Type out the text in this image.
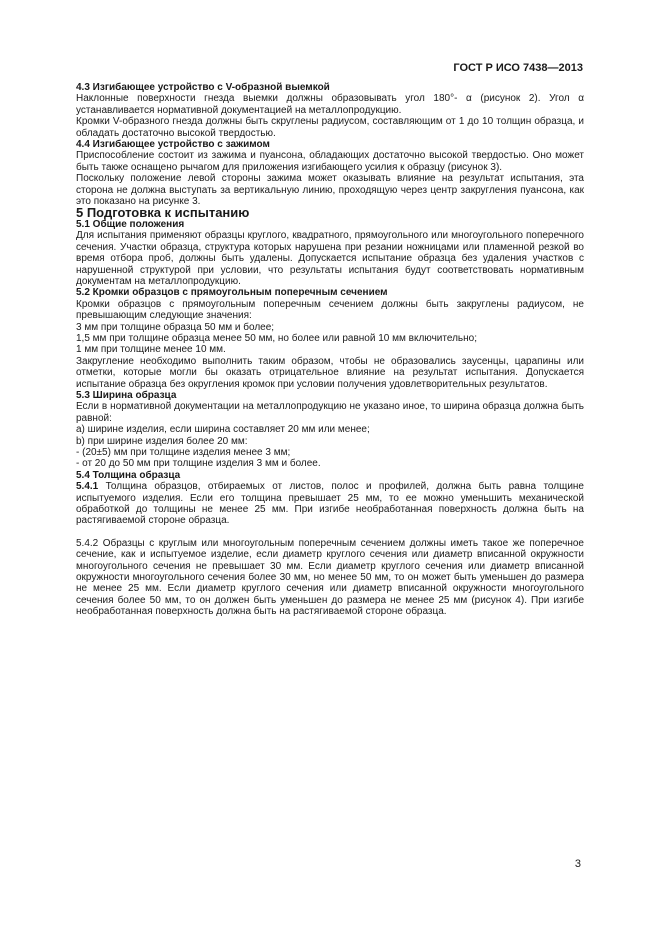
ГОСТ Р ИСО 7438—2013

4.3 Изгибающее устройство с V-образной выемкой

Наклонные поверхности гнезда выемки должны образовывать угол 180°- α (рисунок 2). Угол α устанавливается нормативной документацией на металлопродукцию.

Кромки V-образного гнезда должны быть скруглены радиусом, составляющим от 1 до 10 толщин образца, и обладать достаточно высокой твердостью.

4.4 Изгибающее устройство с зажимом

Приспособление состоит из зажима и пуансона, обладающих достаточно высокой твердостью. Оно может быть также оснащено рычагом для приложения изгибающего усилия к образцу (рисунок 3).

Поскольку положение левой стороны зажима может оказывать влияние на результат испытания, эта сторона не должна выступать за вертикальную линию, проходящую через центр закругления пуансона, как это показано на рисунке 3.

5 Подготовка к испытанию

5.1 Общие положения

Для испытания применяют образцы круглого, квадратного, прямоугольного или многоугольного поперечного сечения. Участки образца, структура которых нарушена при резании ножницами или пламенной резкой во время отбора проб, должны быть удалены. Допускается испытание образца без удаления участков с нарушенной структурой при условии, что результаты испытания будут соответствовать нормативным документам на металлопродукцию.

5.2 Кромки образцов с прямоугольным поперечным сечением

Кромки образцов с прямоугольным поперечным сечением должны быть закруглены радиусом, не превышающим следующие значения:

3 мм при толщине образца 50 мм и более;

1,5 мм при толщине образца менее 50 мм, но более или равной 10 мм включительно;

1 мм при толщине менее 10 мм.

Закругление необходимо выполнить таким образом, чтобы не образовались заусенцы, царапины или отметки, которые могли бы оказать отрицательное влияние на результат испытания. Допускается испытание образца без округления кромок при условии получения удовлетворительных результатов.

5.3 Ширина образца

Если в нормативной документации на металлопродукцию не указано иное, то ширина образца должна быть равной:

а) ширине изделия, если ширина составляет 20 мм или менее;

b) при ширине изделия более 20 мм:

- (20±5) мм при толщине изделия менее 3 мм;

- от 20 до 50 мм при толщине изделия 3 мм и более.

5.4 Толщина образца

5.4.1 Толщина образцов, отбираемых от листов, полос и профилей, должна быть равна толщине испытуемого изделия. Если его толщина превышает 25 мм, то ее можно уменьшить механической обработкой до толщины не менее 25 мм. При изгибе необработанная поверхность должна быть на растягиваемой стороне образца.

5.4.2 Образцы с круглым или многоугольным поперечным сечением должны иметь такое же поперечное сечение, как и испытуемое изделие, если диаметр круглого сечения или диаметр вписанной окружности многоугольного сечения не превышает 30 мм. Если диаметр круглого сечения или диаметр вписанной окружности многоугольного сечения более 30 мм, но менее 50 мм, то он может быть уменьшен до размера не менее 25 мм. Если диаметр круглого сечения или диаметр вписанной окружности многоугольного сечения более 50 мм, то он должен быть уменьшен до размера не менее 25 мм (рисунок 4). При изгибе необработанная поверхность должна быть на растягиваемой стороне образца.

3
